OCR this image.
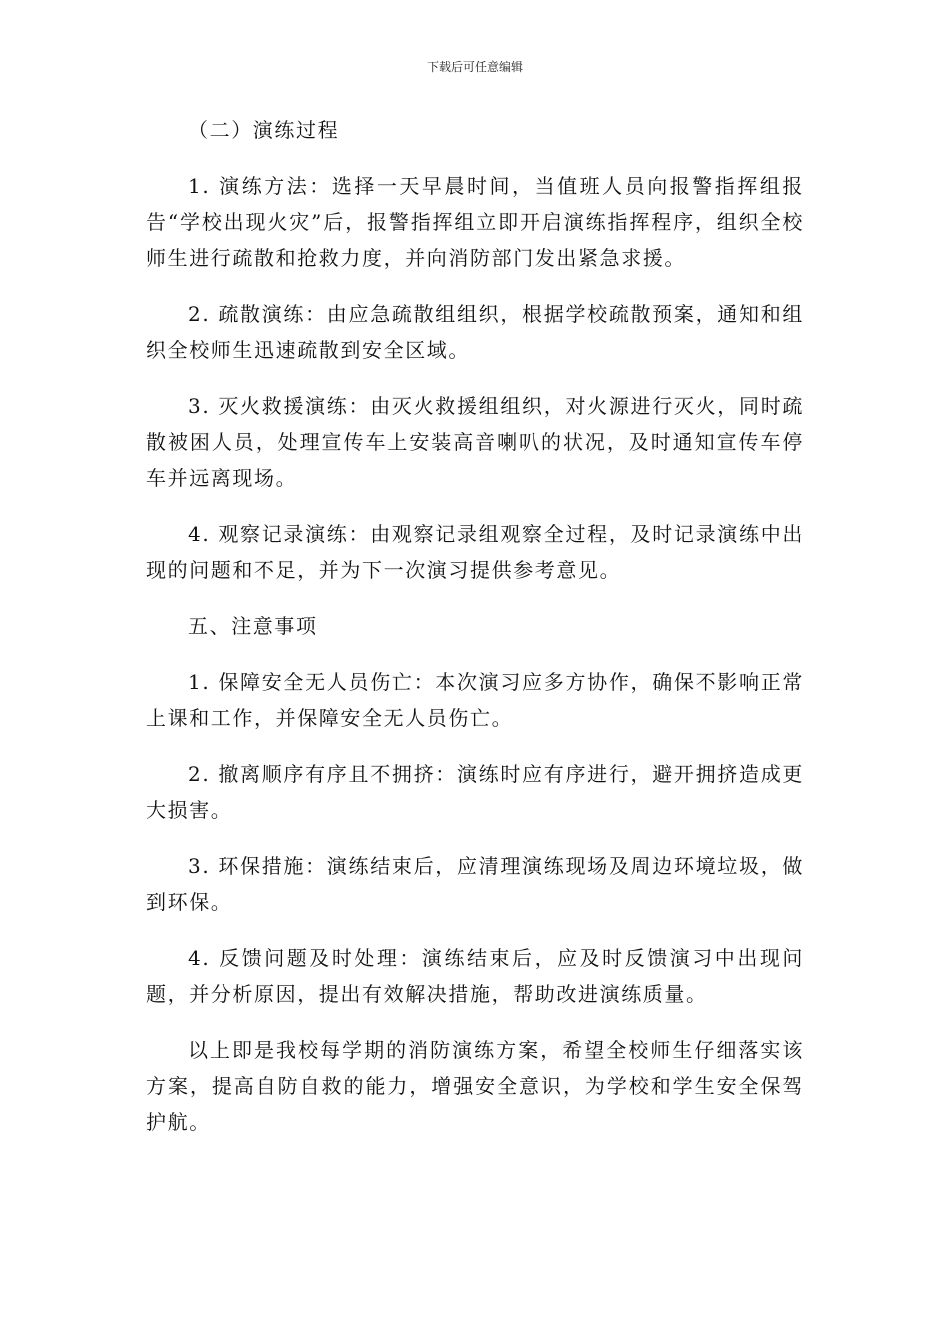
下载后可任意编辑

（二）演练过程

1. 演练方法：选择一天早晨时间，当值班人员向报警指挥组报告“学校出现火灾”后，报警指挥组立即开启演练指挥程序，组织全校师生进行疏散和抢救力度，并向消防部门发出紧急求援。

2. 疏散演练：由应急疏散组组织，根据学校疏散预案，通知和组织全校师生迅速疏散到安全区域。

3. 灭火救援演练：由灭火救援组组织，对火源进行灭火，同时疏散被困人员，处理宣传车上安装高音喇叭的状况，及时通知宣传车停车并远离现场。

4. 观察记录演练：由观察记录组观察全过程，及时记录演练中出现的问题和不足，并为下一次演习提供参考意见。

五、注意事项

1. 保障安全无人员伤亡：本次演习应多方协作，确保不影响正常上课和工作，并保障安全无人员伤亡。

2. 撤离顺序有序且不拥挤：演练时应有序进行，避开拥挤造成更大损害。

3. 环保措施：演练结束后，应清理演练现场及周边环境垃圾，做到环保。

4. 反馈问题及时处理：演练结束后，应及时反馈演习中出现问题，并分析原因，提出有效解决措施，帮助改进演练质量。

以上即是我校每学期的消防演练方案，希望全校师生仔细落实该方案，提高自防自救的能力，增强安全意识，为学校和学生安全保驾护航。
